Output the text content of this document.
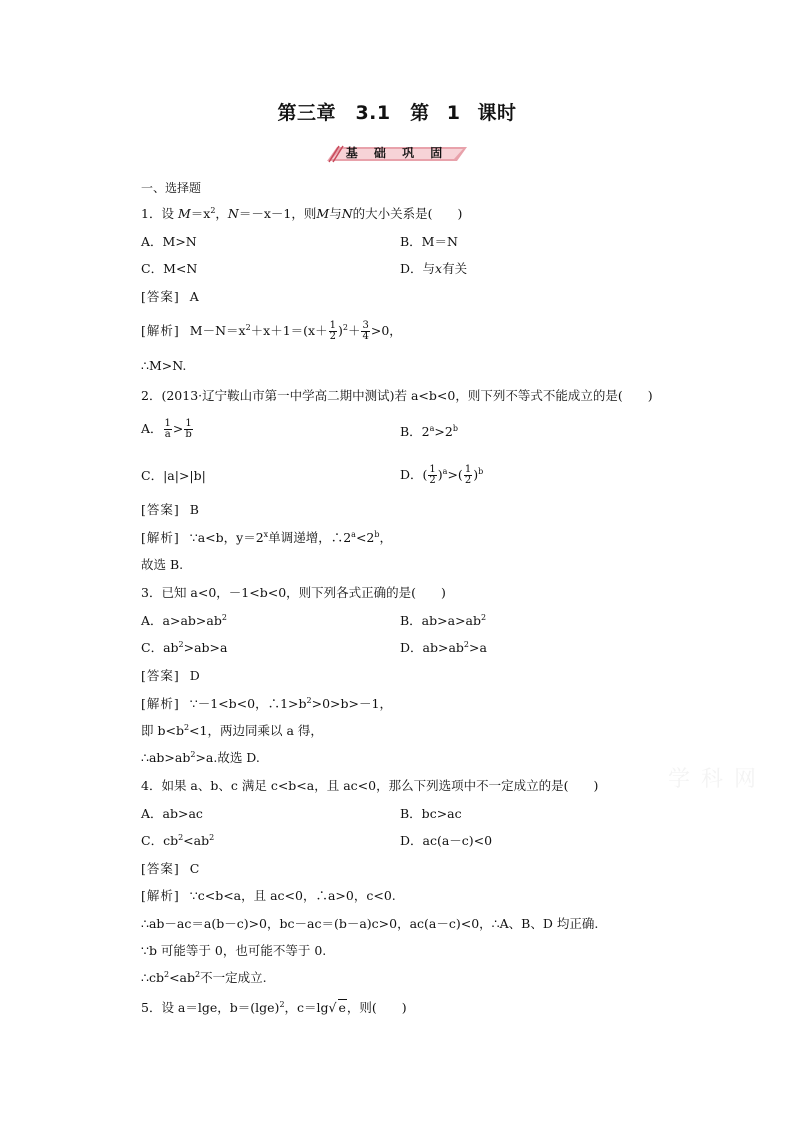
第三章　3.1　第 1 课时
基 础 巩 固
学 科 网
一、选择题
1．设 $M=x^2$，N＝－x－1，则M与N的大小关系是(　　)
A．M>N	B．M＝N
C．M<N	D．与x有关
[答案] A
[解析] $M-N=x^2+x+1=(x+ \frac{1}{2} )^2+ \frac{3}{4} >0$，
∴M>N.
2．(2013·辽宁鞍山市第一中学高二期中测试)若 a<b<0，则下列不等式不能成立的是(　　)
A． $\frac{1}{a} > \frac{1}{b}$	B．$2^a>2^b$
C．|a|>|b|	D．( $\frac{1}{2} )^a>( \frac{1}{2} )^b$
[答案] B
[解析] ∵a<b，$y=2^x$单调递增，$\therefore 2^a<2^b$，
故选 B.
3．已知 a<0，－1<b<0，则下列各式正确的是(　　)
A．$a>ab>ab^2$	B．$ab>a>ab^2$
C．$ab^2>ab>a$	D．$ab>ab^2>a$
[答案] D
[解析] ∵－1<b<0，$\therefore 1>b^2>0>b>-1$，
即 $b<b^2<1$，两边同乘以 a 得，
$\therefore ab>ab^2>a$.故选 D.
4．如果 a、b、c 满足 c<b<a，且 ac<0，那么下列选项中不一定成立的是(　　)
A．ab>ac	B．bc>ac
C．$cb^2<ab^2$	D．ac(a－c)<0
[答案] C
[解析] ∵c<b<a，且 ac<0，∴a>0，c<0.
∴ab－ac＝a(b－c)>0，bc－ac＝(b－a)c>0，ac(a－c)<0，∴A、B、D 均正确.
∵b 可能等于 0，也可能不等于 0.
$\therefore cb^2<ab^2$不一定成立.
5．设 a＝lge，$b=(\lg e)^2$，c＝lg√ e，则(　　)
